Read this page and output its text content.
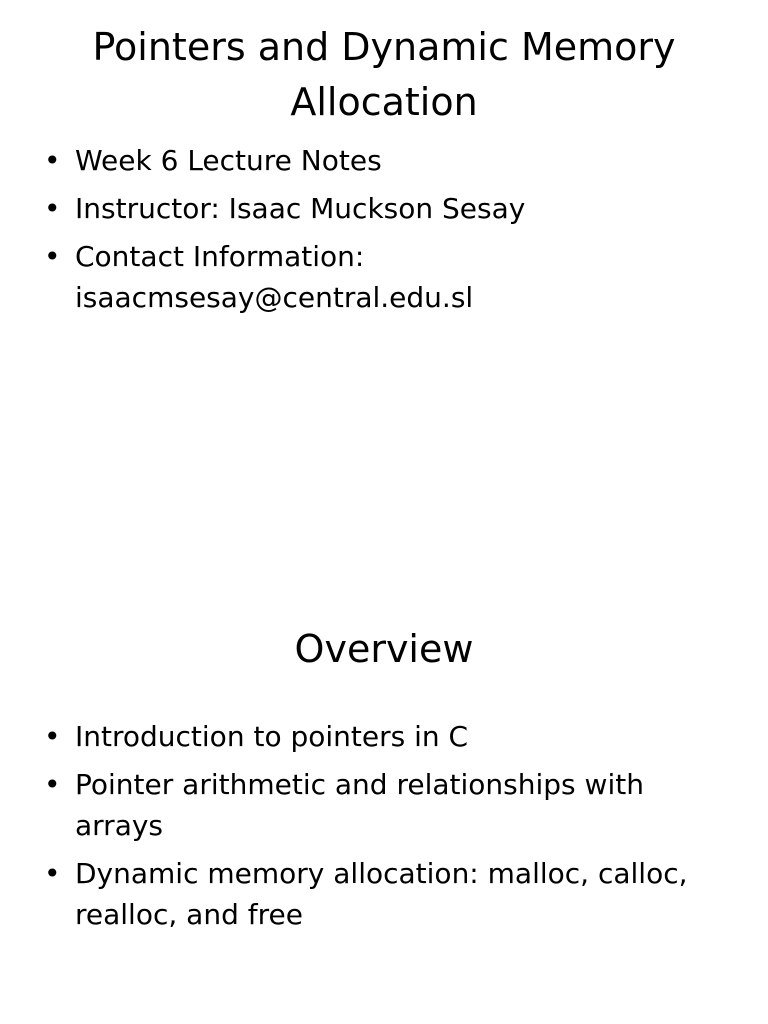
Pointers and Dynamic Memory Allocation
• Week 6 Lecture Notes
• Instructor: Isaac Muckson Sesay
• Contact Information: isaacmsesay@central.edu.sl
Overview
• Introduction to pointers in C
• Pointer arithmetic and relationships with arrays
• Dynamic memory allocation: malloc, calloc, realloc, and free
